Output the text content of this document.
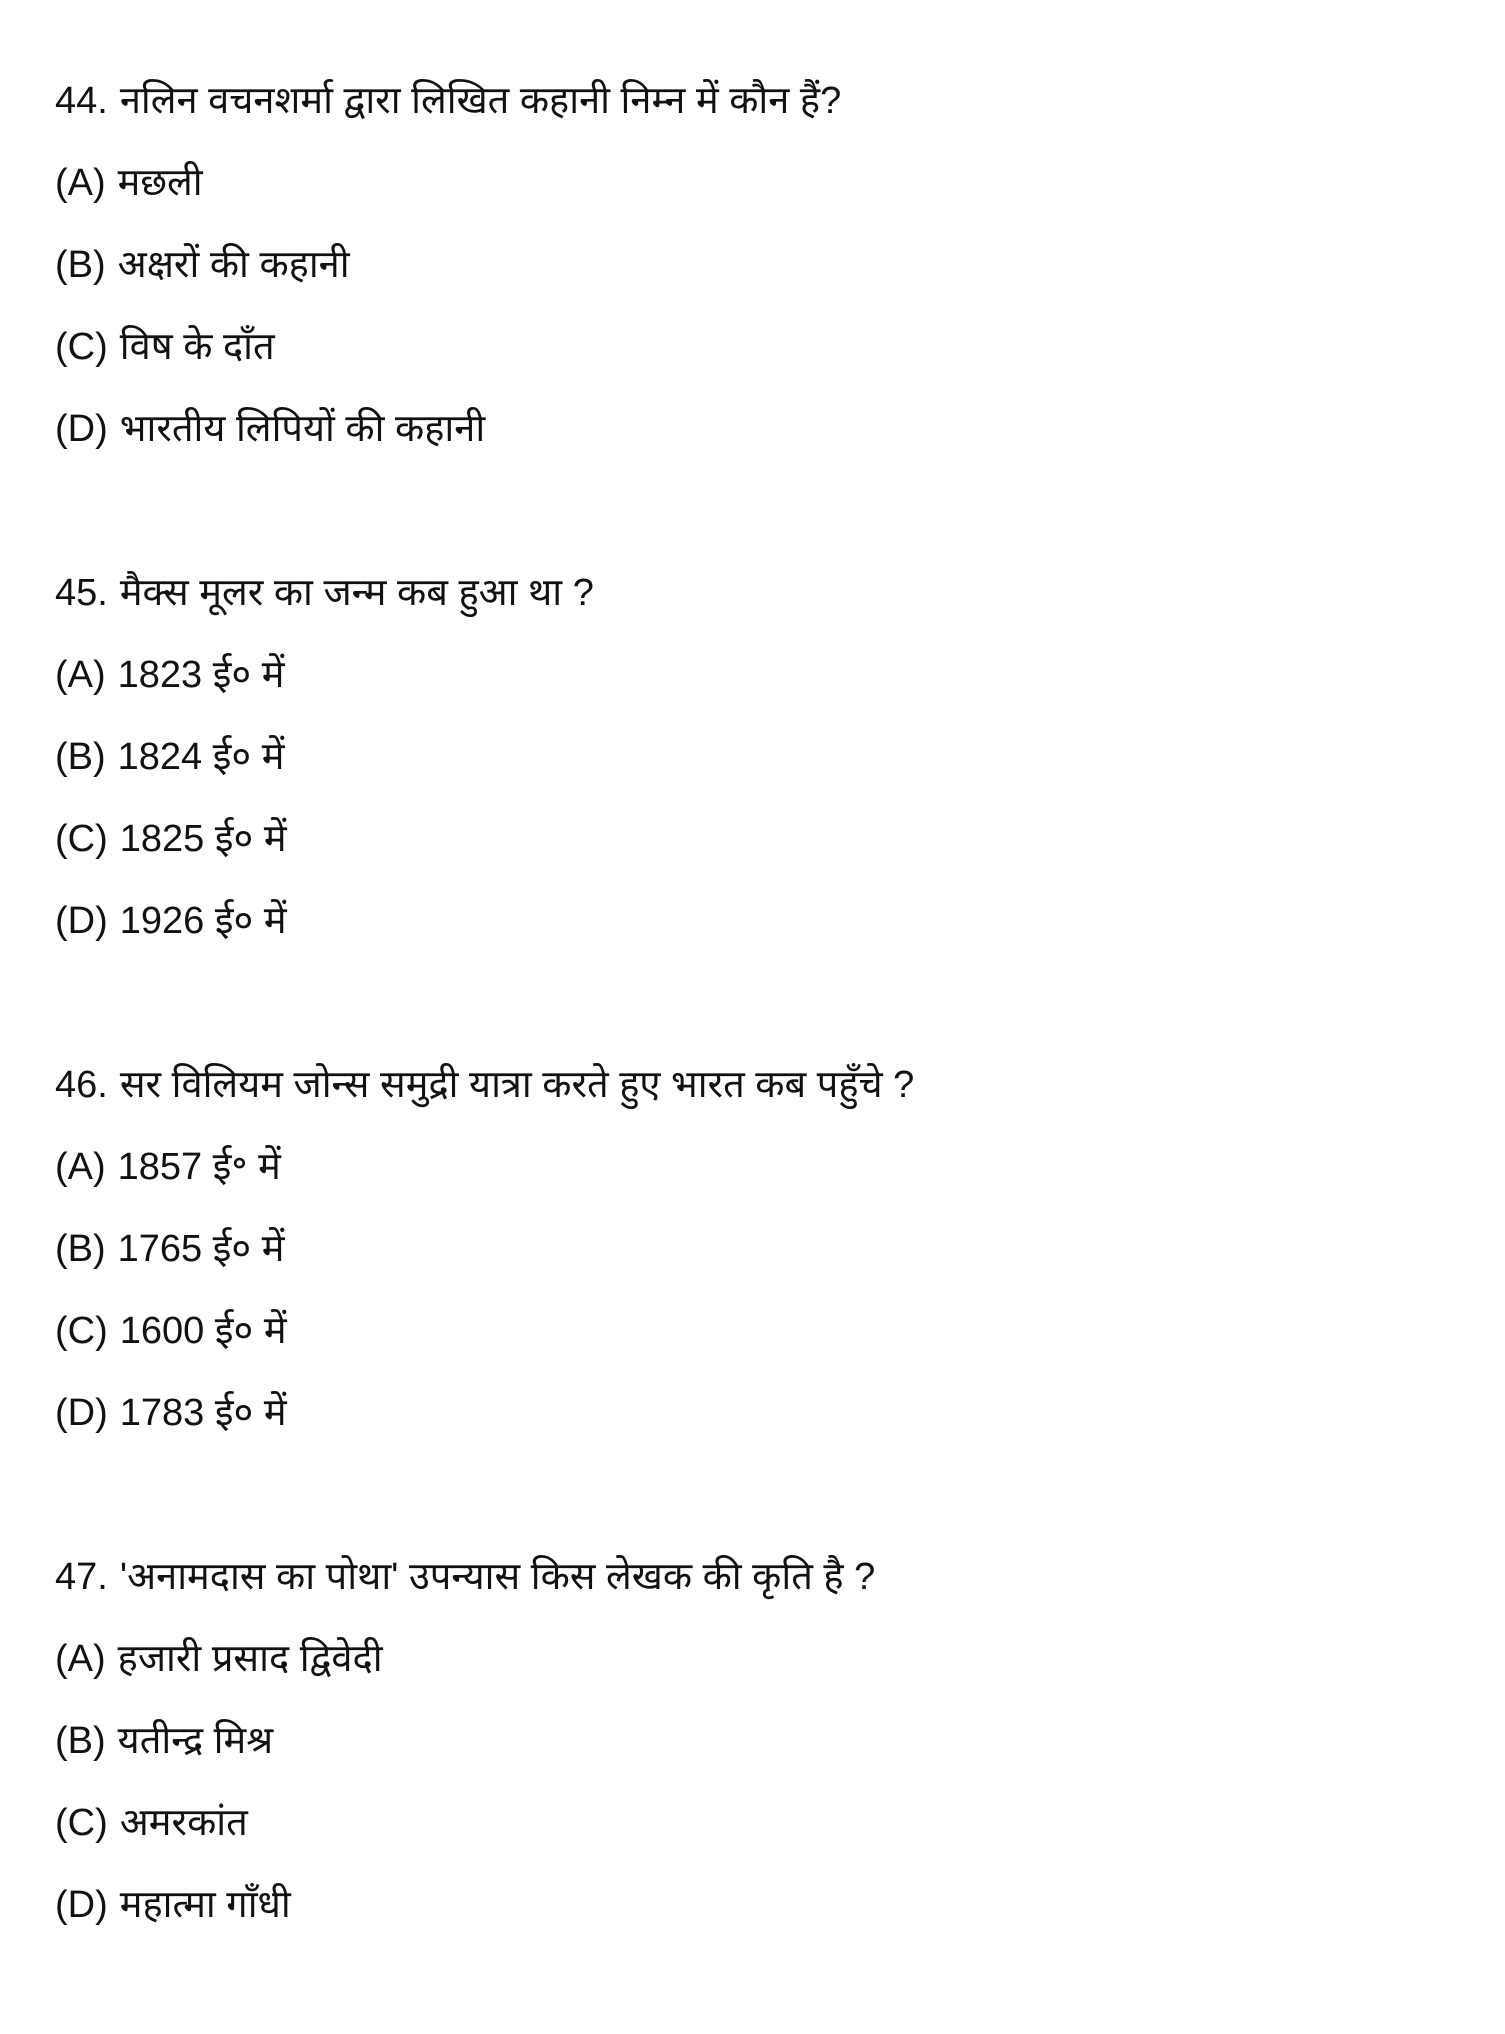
44. नलिन वचनशर्मा द्वारा लिखित कहानी निम्न में कौन हैं?
(A) मछली
(B) अक्षरों की कहानी
(C) विष के दाँत
(D) भारतीय लिपियों की कहानी
45. मैक्स मूलर का जन्म कब हुआ था ?
(A) 1823 ई० में
(B) 1824 ई० में
(C) 1825 ई० में
(D) 1926 ई० में
46. सर विलियम जोन्स समुद्री यात्रा करते हुए भारत कब पहुँचे ?
(A) 1857 ई॰ में
(B) 1765 ई० में
(C) 1600 ई० में
(D) 1783 ई० में
47. 'अनामदास का पोथा' उपन्यास किस लेखक की कृति है ?
(A) हजारी प्रसाद द्विवेदी
(B) यतीन्द्र मिश्र
(C) अमरकांत
(D) महात्मा गाँधी
